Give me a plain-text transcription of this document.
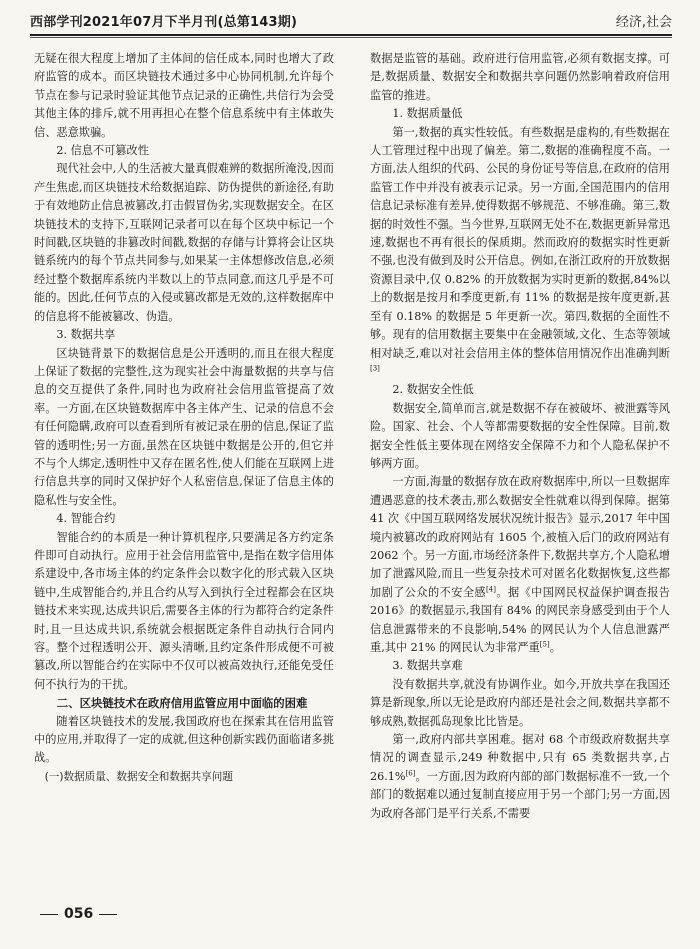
西部学刊2021年07月下半月刊(总第143期)	经济,社会

无疑在很大程度上增加了主体间的信任成本,同时也增大了政府监管的成本。而区块链技术通过多中心协同机制,允许每个节点在参与记录时验证其他节点记录的正确性,共信行为会受其他主体的排斥,就不用再担心在整个信息系统中有主体敢失信、恶意欺骗。

2. 信息不可篡改性

现代社会中,人的生活被大量真假难辨的数据所淹没,因而产生焦虑,而区块链技术给数据追踪、防伪提供的新途径,有助于有效地防止信息被篡改,打击假冒伪劣,实现数据安全。在区块链技术的支持下,互联网记录者可以在每个区块中标记一个时间戳,区块链的非篡改时间戳,数据的存储与计算将会让区块链系统内的每个节点共同参与,如果某一主体想修改信息,必须经过整个数据库系统内半数以上的节点同意,而这几乎是不可能的。因此,任何节点的入侵或篡改都是无效的,这样数据库中的信息将不能被篡改、伪造。

3. 数据共享

区块链背景下的数据信息是公开透明的,而且在很大程度上保证了数据的完整性,这为现实社会中海量数据的共享与信息的交互提供了条件,同时也为政府社会信用监管提高了效率。一方面,在区块链数据库中各主体产生、记录的信息不会有任何隐瞒,政府可以查看到所有被记录在册的信息,保证了监管的透明性;另一方面,虽然在区块链中数据是公开的,但它并不与个人绑定,透明性中又存在匿名性,使人们能在互联网上进行信息共享的同时又保护好个人私密信息,保证了信息主体的隐私性与安全性。

4. 智能合约

智能合约的本质是一种计算机程序,只要满足各方约定条件即可自动执行。应用于社会信用监管中,是指在数字信用体系建设中,各市场主体的约定条件会以数字化的形式载入区块链中,生成智能合约,并且合约从写入到执行全过程都会在区块链技术来实现,达成共识后,需要各主体的行为都符合约定条件时,且一旦达成共识,系统就会根据既定条件自动执行合同内容。整个过程透明公开、源头清晰,且约定条件形成便不可被篡改,所以智能合约在实际中不仅可以被高效执行,还能免受任何不执行为的干扰。

二、区块链技术在政府信用监管应用中面临的困难

随着区块链技术的发展,我国政府也在探索其在信用监管中的应用,并取得了一定的成就,但这种创新实践仍面临诸多挑战。

(一)数据质量、数据安全和数据共享问题

数据是监管的基础。政府进行信用监管,必须有数据支撑。可是,数据质量、数据安全和数据共享问题仍然影响着政府信用监管的推进。

1. 数据质量低

第一,数据的真实性较低。有些数据是虚构的,有些数据在人工管理过程中出现了偏差。第二,数据的准确程度不高。一方面,法人组织的代码、公民的身份证号等信息,在政府的信用监管工作中并没有被表示记录。另一方面,全国范围内的信用信息记录标准有差异,使得数据不够规范、不够准确。第三,数据的时效性不强。当今世界,互联网无处不在,数据更新异常迅速,数据也不再有很长的保质期。然而政府的数据实时性更新不强,也没有做到及时公开信息。例如,在浙江政府的开放数据资源目录中,仅 0.82% 的开放数据为实时更新的数据,84%以上的数据是按月和季度更新,有 11% 的数据是按年度更新,甚至有 0.18% 的数据是 5 年更新一次。第四,数据的全面性不够。现有的信用数据主要集中在金融领域,文化、生态等领域相对缺乏,难以对社会信用主体的整体信用情况作出准确判断[3]

2. 数据安全性低

数据安全,简单而言,就是数据不存在被破坏、被泄露等风险。国家、社会、个人等都需要数据的安全性保障。目前,数据安全性低主要体现在网络安全保障不力和个人隐私保护不够两方面。

一方面,海量的数据存放在政府数据库中,所以一旦数据库遭遇恶意的技术袭击,那么数据安全性就难以得到保障。据第 41 次《中国互联网络发展状况统计报告》显示,2017 年中国境内被篡改的政府网站有 1605 个,被植入后门的政府网站有 2062 个。另一方面,市场经济条件下,数据共享方,个人隐私增加了泄露风险,而且一些复杂技术可对匿名化数据恢复,这些都加剧了公众的不安全感[4]。据《中国网民权益保护调查报告 2016》的数据显示,我国有 84% 的网民亲身感受到由于个人信息泄露带来的不良影响,54% 的网民认为个人信息泄露严重,其中 21% 的网民认为非常严重[5]。

3. 数据共享难

没有数据共享,就没有协调作业。如今,开放共享在我国还算是新现象,所以无论是政府内部还是社会之间,数据共享都不够成熟,数据孤岛现象比比皆是。

第一,政府内部共享困难。据对 68 个市级政府数据共享情况的调查显示,249 种数据中,只有 65 类数据共享,占 26.1%[6]。一方面,因为政府内部的部门数据标准不一致,一个部门的数据难以通过复制直接应用于另一个部门;另一方面,因为政府各部门是平行关系,不需要

056
